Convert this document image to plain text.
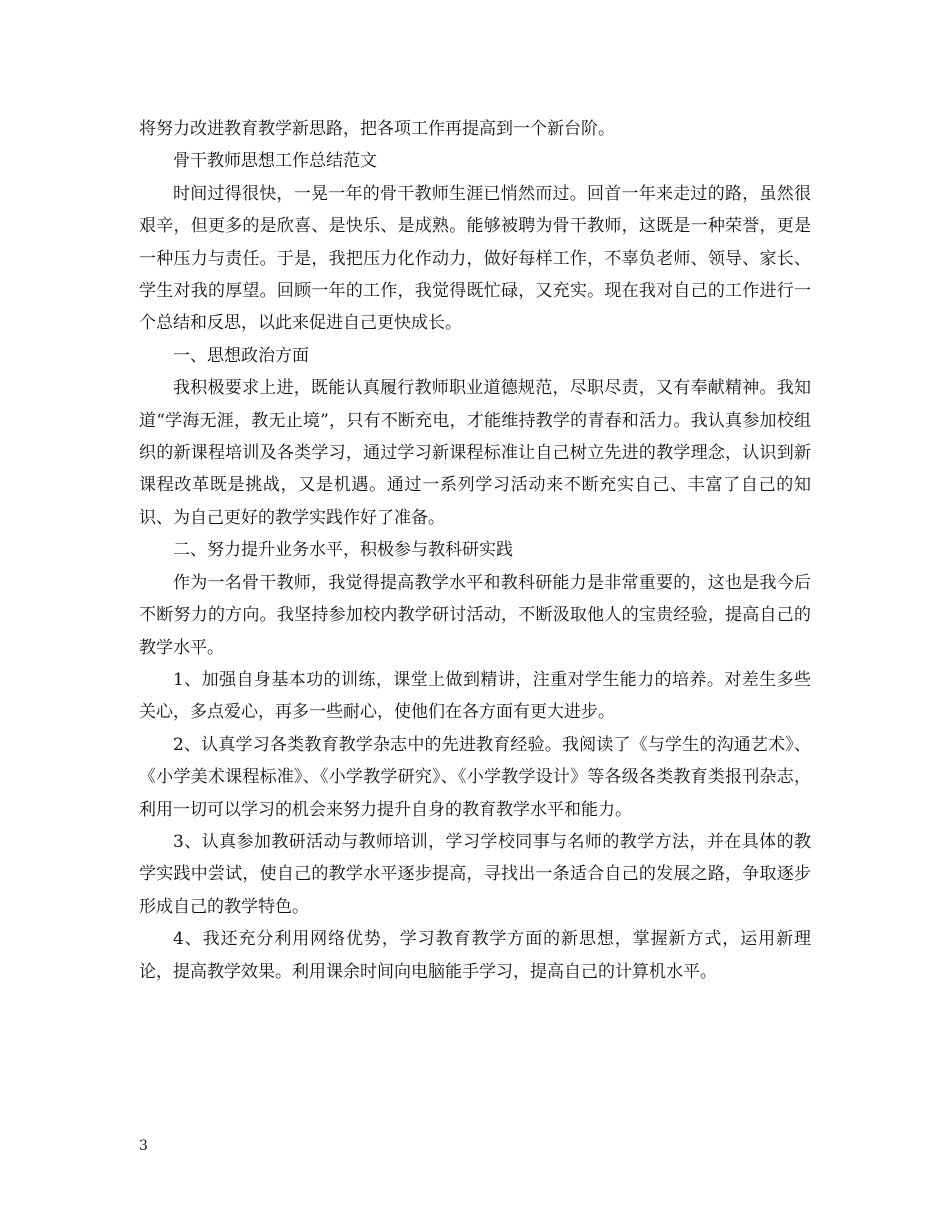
将努力改进教育教学新思路，把各项工作再提高到一个新台阶。

骨干教师思想工作总结范文

时间过得很快，一晃一年的骨干教师生涯已悄然而过。回首一年来走过的路，虽然很艰辛，但更多的是欣喜、是快乐、是成熟。能够被聘为骨干教师，这既是一种荣誉，更是一种压力与责任。于是，我把压力化作动力，做好每样工作，不辜负老师、领导、家长、学生对我的厚望。回顾一年的工作，我觉得既忙碌，又充实。现在我对自己的工作进行一个总结和反思，以此来促进自己更快成长。

一、思想政治方面

我积极要求上进，既能认真履行教师职业道德规范，尽职尽责，又有奉献精神。我知道“学海无涯，教无止境”，只有不断充电，才能维持教学的青春和活力。我认真参加校组织的新课程培训及各类学习，通过学习新课程标准让自己树立先进的教学理念，认识到新课程改革既是挑战，又是机遇。通过一系列学习活动来不断充实自己、丰富了自己的知识、为自己更好的教学实践作好了准备。

二、努力提升业务水平，积极参与教科研实践

作为一名骨干教师，我觉得提高教学水平和教科研能力是非常重要的，这也是我今后不断努力的方向。我坚持参加校内教学研讨活动，不断汲取他人的宝贵经验，提高自己的教学水平。

1、加强自身基本功的训练，课堂上做到精讲，注重对学生能力的培养。对差生多些关心，多点爱心，再多一些耐心，使他们在各方面有更大进步。

2、认真学习各类教育教学杂志中的先进教育经验。我阅读了《与学生的沟通艺术》、《小学美术课程标准》、《小学教学研究》、《小学教学设计》等各级各类教育类报刊杂志，利用一切可以学习的机会来努力提升自身的教育教学水平和能力。

3、认真参加教研活动与教师培训，学习学校同事与名师的教学方法，并在具体的教学实践中尝试，使自己的教学水平逐步提高，寻找出一条适合自己的发展之路，争取逐步形成自己的教学特色。

4、我还充分利用网络优势，学习教育教学方面的新思想，掌握新方式，运用新理论，提高教学效果。利用课余时间向电脑能手学习，提高自己的计算机水平。

3
